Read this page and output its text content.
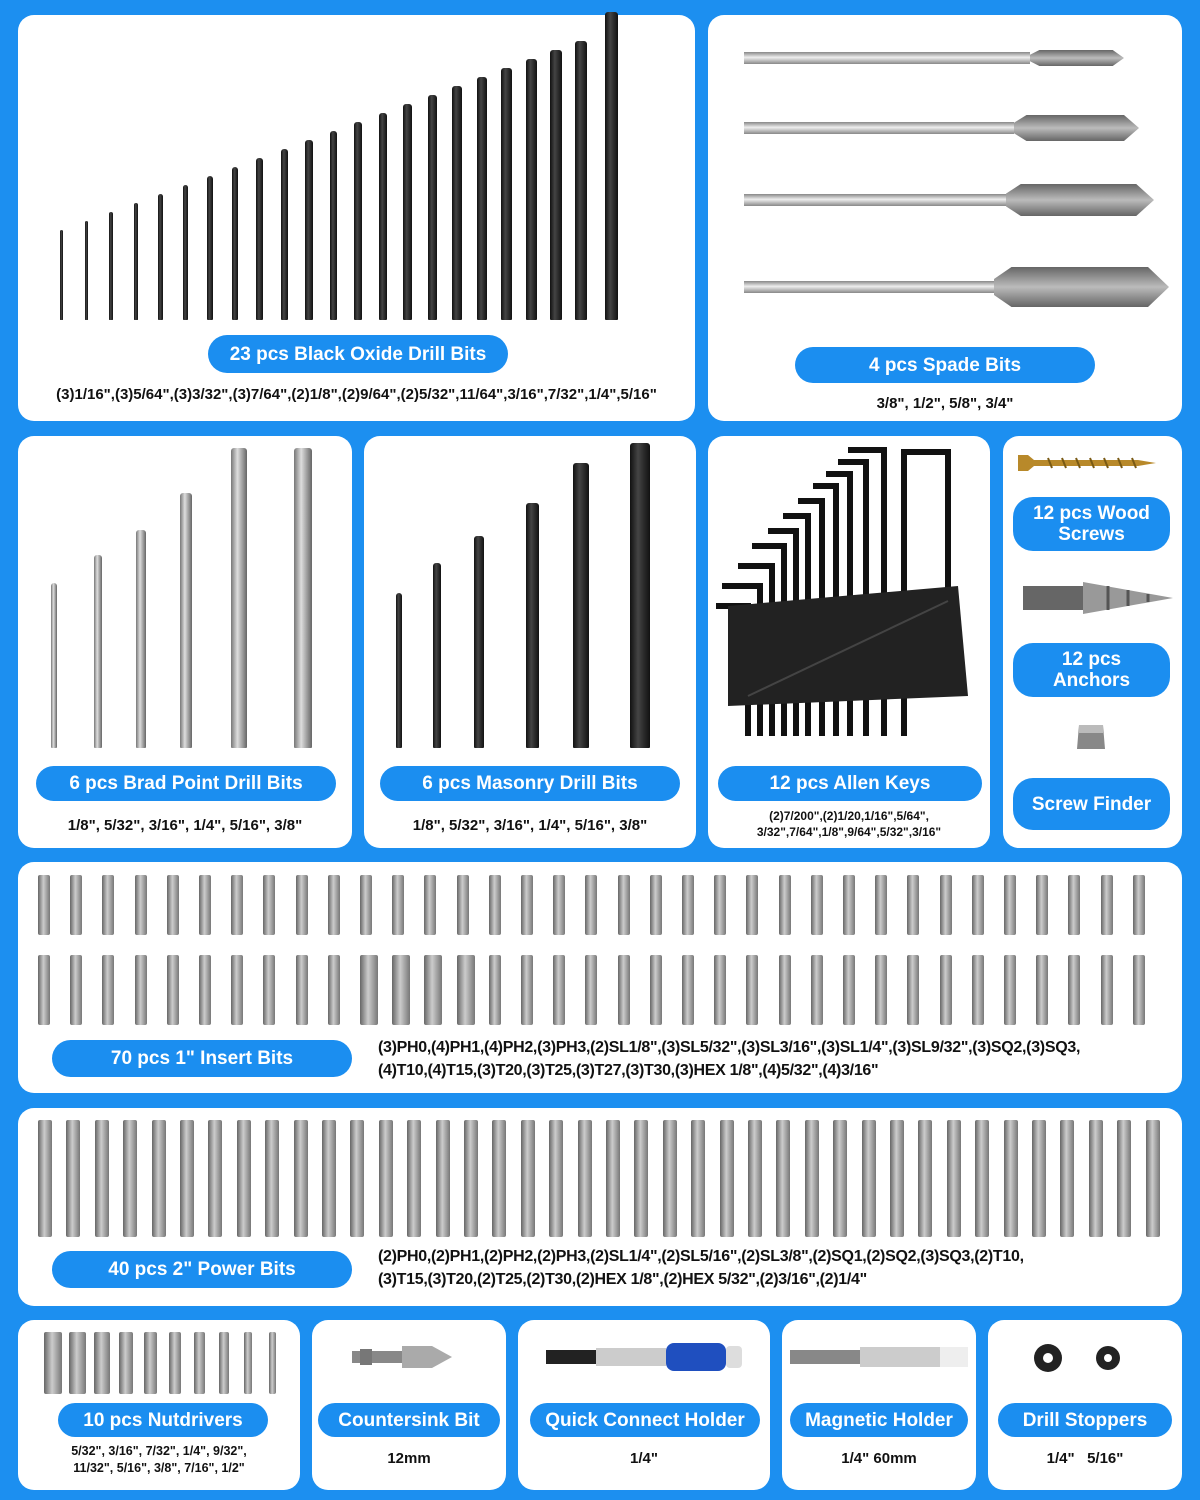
23 pcs Black Oxide Drill Bits
(3)1/16",(3)5/64",(3)3/32",(3)7/64",(2)1/8",(2)9/64",(2)5/32",11/64",3/16",7/32",1/4",5/16"
4 pcs Spade Bits
3/8", 1/2", 5/8", 3/4"
6 pcs Brad Point Drill Bits
1/8", 5/32", 3/16", 1/4", 5/16", 3/8"
6 pcs Masonry Drill Bits
1/8", 5/32", 3/16", 1/4", 5/16", 3/8"
12 pcs Allen Keys
(2)7/200",(2)1/20,1/16",5/64",
3/32",7/64",1/8",9/64",5/32",3/16"
12 pcs Wood Screws
12 pcs Anchors
Screw Finder
70 pcs 1" Insert Bits
(3)PH0,(4)PH1,(4)PH2,(3)PH3,(2)SL1/8",(3)SL5/32",(3)SL3/16",(3)SL1/4",(3)SL9/32",(3)SQ2,(3)SQ3,
(4)T10,(4)T15,(3)T20,(3)T25,(3)T27,(3)T30,(3)HEX 1/8",(4)5/32",(4)3/16"
40 pcs 2" Power Bits
(2)PH0,(2)PH1,(2)PH2,(2)PH3,(2)SL1/4",(2)SL5/16",(2)SL3/8",(2)SQ1,(2)SQ2,(3)SQ3,(2)T10,
(3)T15,(3)T20,(2)T25,(2)T30,(2)HEX 1/8",(2)HEX 5/32",(2)3/16",(2)1/4"
10 pcs Nutdrivers
5/32", 3/16", 7/32", 1/4", 9/32",
11/32", 5/16", 3/8", 7/16", 1/2"
Countersink Bit
12mm
Quick Connect Holder
1/4"
Magnetic Holder
1/4" 60mm
Drill Stoppers
1/4"   5/16"
